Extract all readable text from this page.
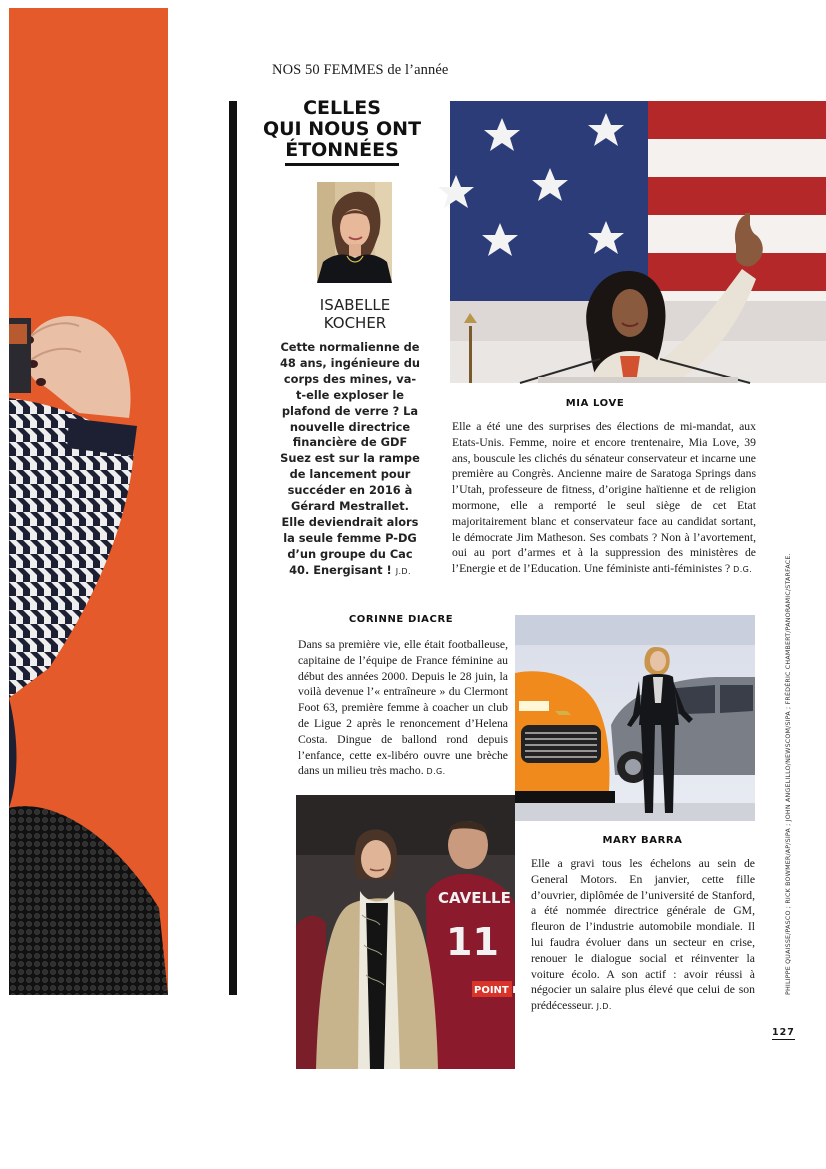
NOS 50 FEMMES de l’année
CELLES
QUI NOUS ONT
ÉTONNÉES
ISABELLE
KOCHER
Cette normalienne de 48 ans, ingénieure du corps des mines, va-t-elle exploser le plafond de verre ? La nouvelle directrice financière de GDF Suez est sur la rampe de lancement pour succéder en 2016 à Gérard Mestrallet. Elle deviendrait alors la seule femme P-DG d’un groupe du Cac 40. Energisant ! J.D.
MIA LOVE
Elle a été une des surprises des élections de mi-mandat, aux Etats-Unis. Femme, noire et encore trentenaire, Mia Love, 39 ans, bouscule les clichés du sénateur conservateur et incarne une première au Congrès. Ancienne maire de Saratoga Springs dans l’Utah, professeure de fitness, d’origine haïtienne et de religion mormone, elle a remporté le seul siège de cet Etat majoritairement blanc et conservateur face au candidat sortant, le démocrate Jim Matheson. Ses combats ? Non à l’avortement, oui au port d’armes et à la suppression des ministères de l’Energie et de l’Education. Une féministe anti-féministes ? D.G.
CORINNE DIACRE
Dans sa première vie, elle était footballeuse, capitaine de l’équipe de France féminine au début des années 2000. Depuis le 28 juin, la voilà devenue l’« entraîneure » du Clermont Foot 63, première femme à coacher un club de Ligue 2 après le renoncement d’Helena Costa. Dingue de ballond rond depuis l’enfance, cette ex-libéro ouvre une brèche dans un milieu très macho. D.G.
MARY BARRA
Elle a gravi tous les échelons au sein de General Motors. En janvier, cette fille d’ouvrier, diplômée de l’université de Stanford, a été nommée directrice générale de GM, fleuron de l’industrie automobile mondiale. Il lui faudra évoluer dans un secteur en crise, renouer le dialogue social et réinventer la voiture écolo. A son actif : avoir réussi à négocier un salaire plus élevé que celui de son prédécesseur. J.D.
CAVELLE
11
POINT P	PHILIPPE QUAISSE/PASCO ; RICK BOWMER/AP/SIPA ; JOHN ANGELILLO/NEWSCOM/SIPA ; FRÉDÉRIC CHAMBERT/PANORAMIC/STARFACE.
127
